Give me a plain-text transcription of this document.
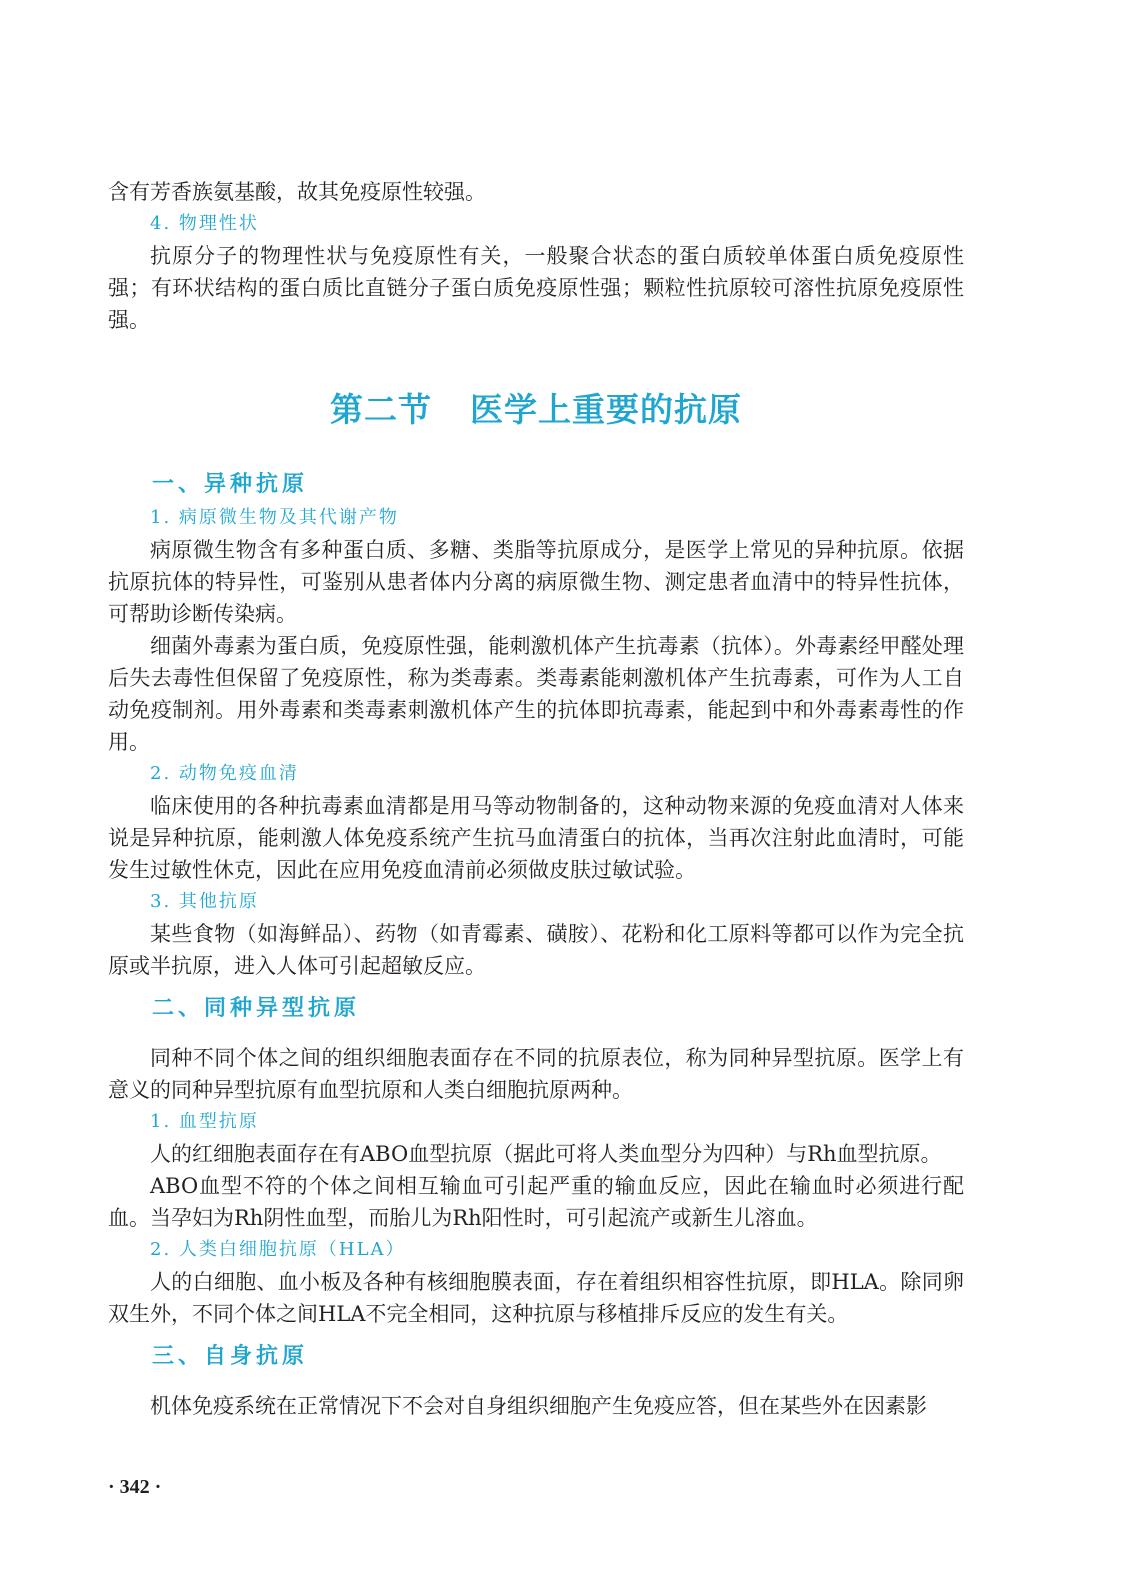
含有芳香族氨基酸，故其免疫原性较强。

4. 物理性状

抗原分子的物理性状与免疫原性有关，一般聚合状态的蛋白质较单体蛋白质免疫原性强；有环状结构的蛋白质比直链分子蛋白质免疫原性强；颗粒性抗原较可溶性抗原免疫原性强。

第二节 医学上重要的抗原
一、异种抗原

1. 病原微生物及其代谢产物

病原微生物含有多种蛋白质、多糖、类脂等抗原成分，是医学上常见的异种抗原。依据抗原抗体的特异性，可鉴别从患者体内分离的病原微生物、测定患者血清中的特异性抗体，可帮助诊断传染病。

细菌外毒素为蛋白质，免疫原性强，能刺激机体产生抗毒素（抗体）。外毒素经甲醛处理后失去毒性但保留了免疫原性，称为类毒素。类毒素能刺激机体产生抗毒素，可作为人工自动免疫制剂。用外毒素和类毒素刺激机体产生的抗体即抗毒素，能起到中和外毒素毒性的作用。

2. 动物免疫血清

临床使用的各种抗毒素血清都是用马等动物制备的，这种动物来源的免疫血清对人体来说是异种抗原，能刺激人体免疫系统产生抗马血清蛋白的抗体，当再次注射此血清时，可能发生过敏性休克，因此在应用免疫血清前必须做皮肤过敏试验。

3. 其他抗原

某些食物（如海鲜品）、药物（如青霉素、磺胺）、花粉和化工原料等都可以作为完全抗原或半抗原，进入人体可引起超敏反应。

二、同种异型抗原

同种不同个体之间的组织细胞表面存在不同的抗原表位，称为同种异型抗原。医学上有意义的同种异型抗原有血型抗原和人类白细胞抗原两种。

1. 血型抗原

人的红细胞表面存在有ABO血型抗原（据此可将人类血型分为四种）与Rh血型抗原。

ABO血型不符的个体之间相互输血可引起严重的输血反应，因此在输血时必须进行配血。当孕妇为Rh阴性血型，而胎儿为Rh阳性时，可引起流产或新生儿溶血。

2. 人类白细胞抗原（HLA）

人的白细胞、血小板及各种有核细胞膜表面，存在着组织相容性抗原，即HLA。除同卵双生外，不同个体之间HLA不完全相同，这种抗原与移植排斥反应的发生有关。

三、自身抗原

机体免疫系统在正常情况下不会对自身组织细胞产生免疫应答，但在某些外在因素影

· 342 ·
